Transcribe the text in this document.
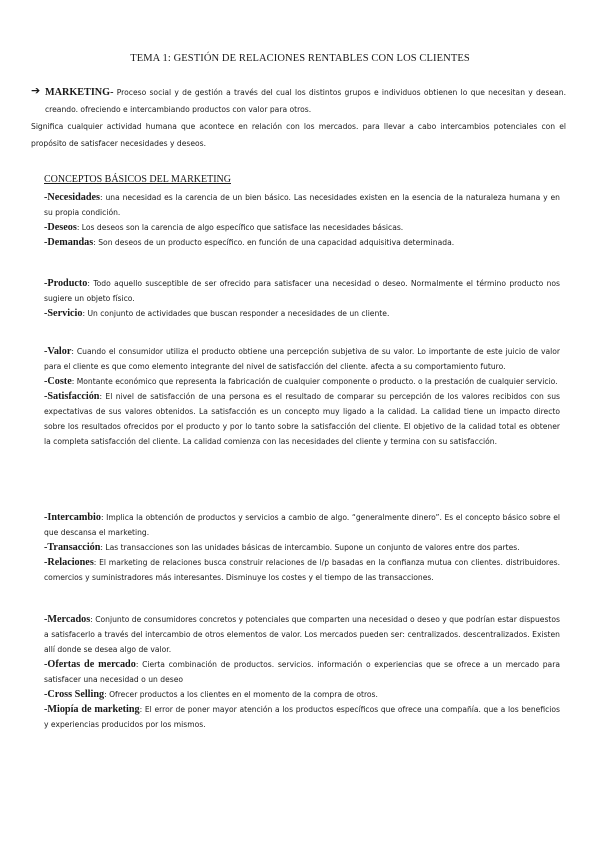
TEMA 1: GESTIÓN DE RELACIONES RENTABLES CON LOS CLIENTES
➔ MARKETING- Proceso social y de gestión a través del cual los distintos grupos e individuos obtienen lo que necesitan y desean. creando. ofreciendo e intercambiando productos con valor para otros.
Significa cualquier actividad humana que acontece en relación con los mercados. para llevar a cabo intercambios potenciales con el propósito de satisfacer necesidades y deseos.
CONCEPTOS BÁSICOS DEL MARKETING

-Necesidades: una necesidad es la carencia de un bien básico. Las necesidades existen en la esencia de la naturaleza humana y en su propia condición.

-Deseos: Los deseos son la carencia de algo específico que satisface las necesidades básicas.

-Demandas: Son deseos de un producto específico. en función de una capacidad adquisitiva determinada.

-Producto: Todo aquello susceptible de ser ofrecido para satisfacer una necesidad o deseo. Normalmente el término producto nos sugiere un objeto físico.

-Servicio: Un conjunto de actividades que buscan responder a necesidades de un cliente.

-Valor: Cuando el consumidor utiliza el producto obtiene una percepción subjetiva de su valor. Lo importante de este juicio de valor para el cliente es que como elemento integrante del nivel de satisfacción del cliente. afecta a su comportamiento futuro.

-Coste: Montante económico que representa la fabricación de cualquier componente o producto. o la prestación de cualquier servicio.

-Satisfacción: El nivel de satisfacción de una persona es el resultado de comparar su percepción de los valores recibidos con sus expectativas de sus valores obtenidos. La satisfacción es un concepto muy ligado a la calidad. La calidad tiene un impacto directo sobre los resultados ofrecidos por el producto y por lo tanto sobre la satisfacción del cliente. El objetivo de la calidad total es obtener la completa satisfacción del cliente. La calidad comienza con las necesidades del cliente y termina con su satisfacción.

-Intercambio: Implica la obtención de productos y servicios a cambio de algo. “generalmente dinero”. Es el concepto básico sobre el que descansa el marketing.

-Transacción: Las transacciones son las unidades básicas de intercambio. Supone un conjunto de valores entre dos partes.

-Relaciones: El marketing de relaciones busca construir relaciones de l/p basadas en la confianza mutua con clientes. distribuidores. comercios y suministradores más interesantes. Disminuye los costes y el tiempo de las transacciones.

-Mercados: Conjunto de consumidores concretos y potenciales que comparten una necesidad o deseo y que podrían estar dispuestos a satisfacerlo a través del intercambio de otros elementos de valor. Los mercados pueden ser: centralizados. descentralizados. Existen allí donde se desea algo de valor.

-Ofertas de mercado: Cierta combinación de productos. servicios. información o experiencias que se ofrece a un mercado para satisfacer una necesidad o un deseo

-Cross Selling: Ofrecer productos a los clientes en el momento de la compra de otros.

-Miopía de marketing: El error de poner mayor atención a los productos específicos que ofrece una compañía. que a los beneficios y experiencias producidos por los mismos.
